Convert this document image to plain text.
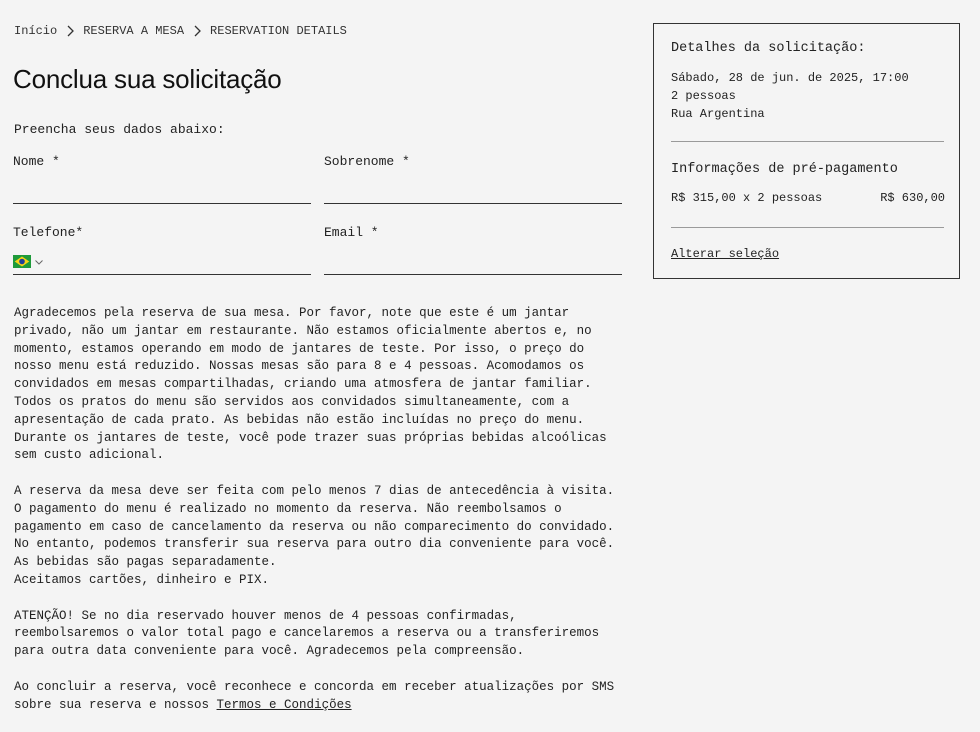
Início RESERVA A MESA RESERVATION DETAILS
Conclua sua solicitação
Preencha seus dados abaixo:
Nome *	Sobrenome *
Telefone*	Email *

Agradecemos pela reserva de sua mesa. Por favor, note que este é um jantar
privado, não um jantar em restaurante. Não estamos oficialmente abertos e, no
momento, estamos operando em modo de jantares de teste. Por isso, o preço do
nosso menu está reduzido. Nossas mesas são para 8 e 4 pessoas. Acomodamos os
convidados em mesas compartilhadas, criando uma atmosfera de jantar familiar.
Todos os pratos do menu são servidos aos convidados simultaneamente, com a
apresentação de cada prato. As bebidas não estão incluídas no preço do menu.
Durante os jantares de teste, você pode trazer suas próprias bebidas alcoólicas
sem custo adicional.

A reserva da mesa deve ser feita com pelo menos 7 dias de antecedência à visita.
O pagamento do menu é realizado no momento da reserva. Não reembolsamos o
pagamento em caso de cancelamento da reserva ou não comparecimento do convidado.
No entanto, podemos transferir sua reserva para outro dia conveniente para você.
As bebidas são pagas separadamente.
Aceitamos cartões, dinheiro e PIX.

ATENÇÃO! Se no dia reservado houver menos de 4 pessoas confirmadas,
reembolsaremos o valor total pago e cancelaremos a reserva ou a transferiremos
para outra data conveniente para você. Agradecemos pela compreensão.

Ao concluir a reserva, você reconhece e concorda em receber atualizações por SMS
sobre sua reserva e nossos Termos e Condições

Detalhes da solicitação:
Sábado, 28 de jun. de 2025, 17:00
2 pessoas
Rua Argentina
Informações de pré-pagamento
R$ 315,00 x 2 pessoas	R$ 630,00
Alterar seleção
